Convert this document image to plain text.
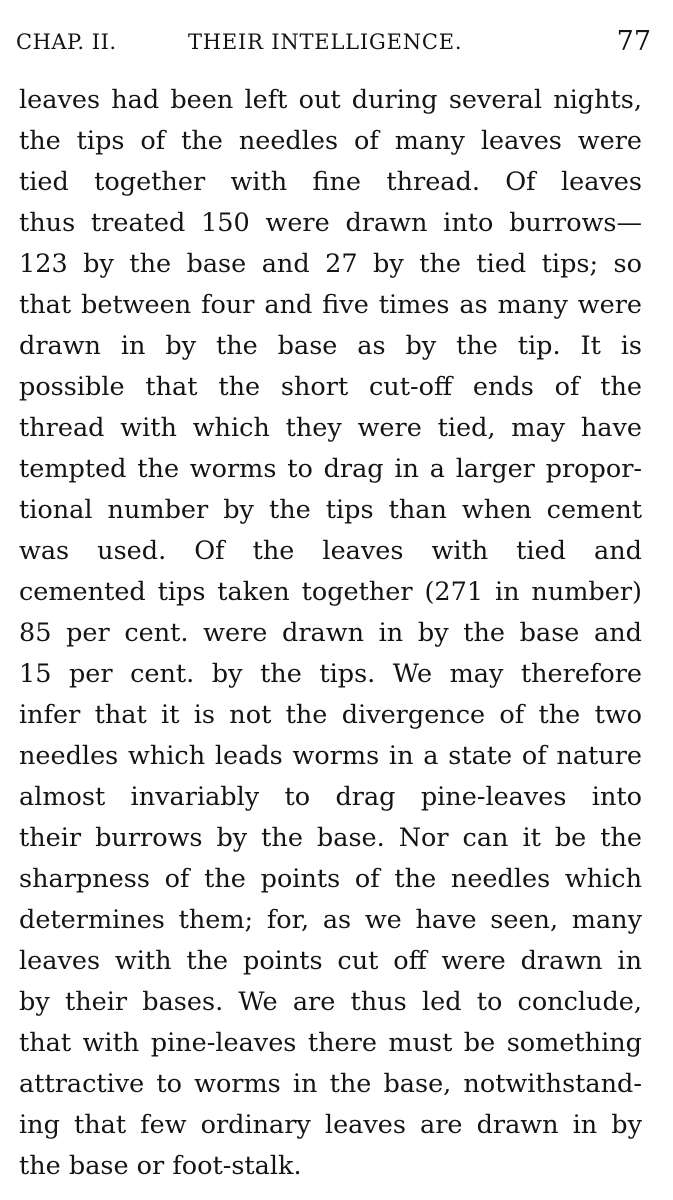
CHAP. II.	THEIR INTELLIGENCE.	77
leaves had been left out during several nights,
the tips of the needles of many leaves were
tied together with fine thread. Of leaves
thus treated 150 were drawn into burrows—
123 by the base and 27 by the tied tips; so
that between four and five times as many were
drawn in by the base as by the tip. It is
possible that the short cut-off ends of the
thread with which they were tied, may have
tempted the worms to drag in a larger propor-
tional number by the tips than when cement
was used. Of the leaves with tied and
cemented tips taken together (271 in number)
85 per cent. were drawn in by the base and
15 per cent. by the tips. We may therefore
infer that it is not the divergence of the two
needles which leads worms in a state of nature
almost invariably to drag pine-leaves into
their burrows by the base. Nor can it be the
sharpness of the points of the needles which
determines them; for, as we have seen, many
leaves with the points cut off were drawn in
by their bases. We are thus led to conclude,
that with pine-leaves there must be something
attractive to worms in the base, notwithstand-
ing that few ordinary leaves are drawn in by
the base or foot-stalk.
